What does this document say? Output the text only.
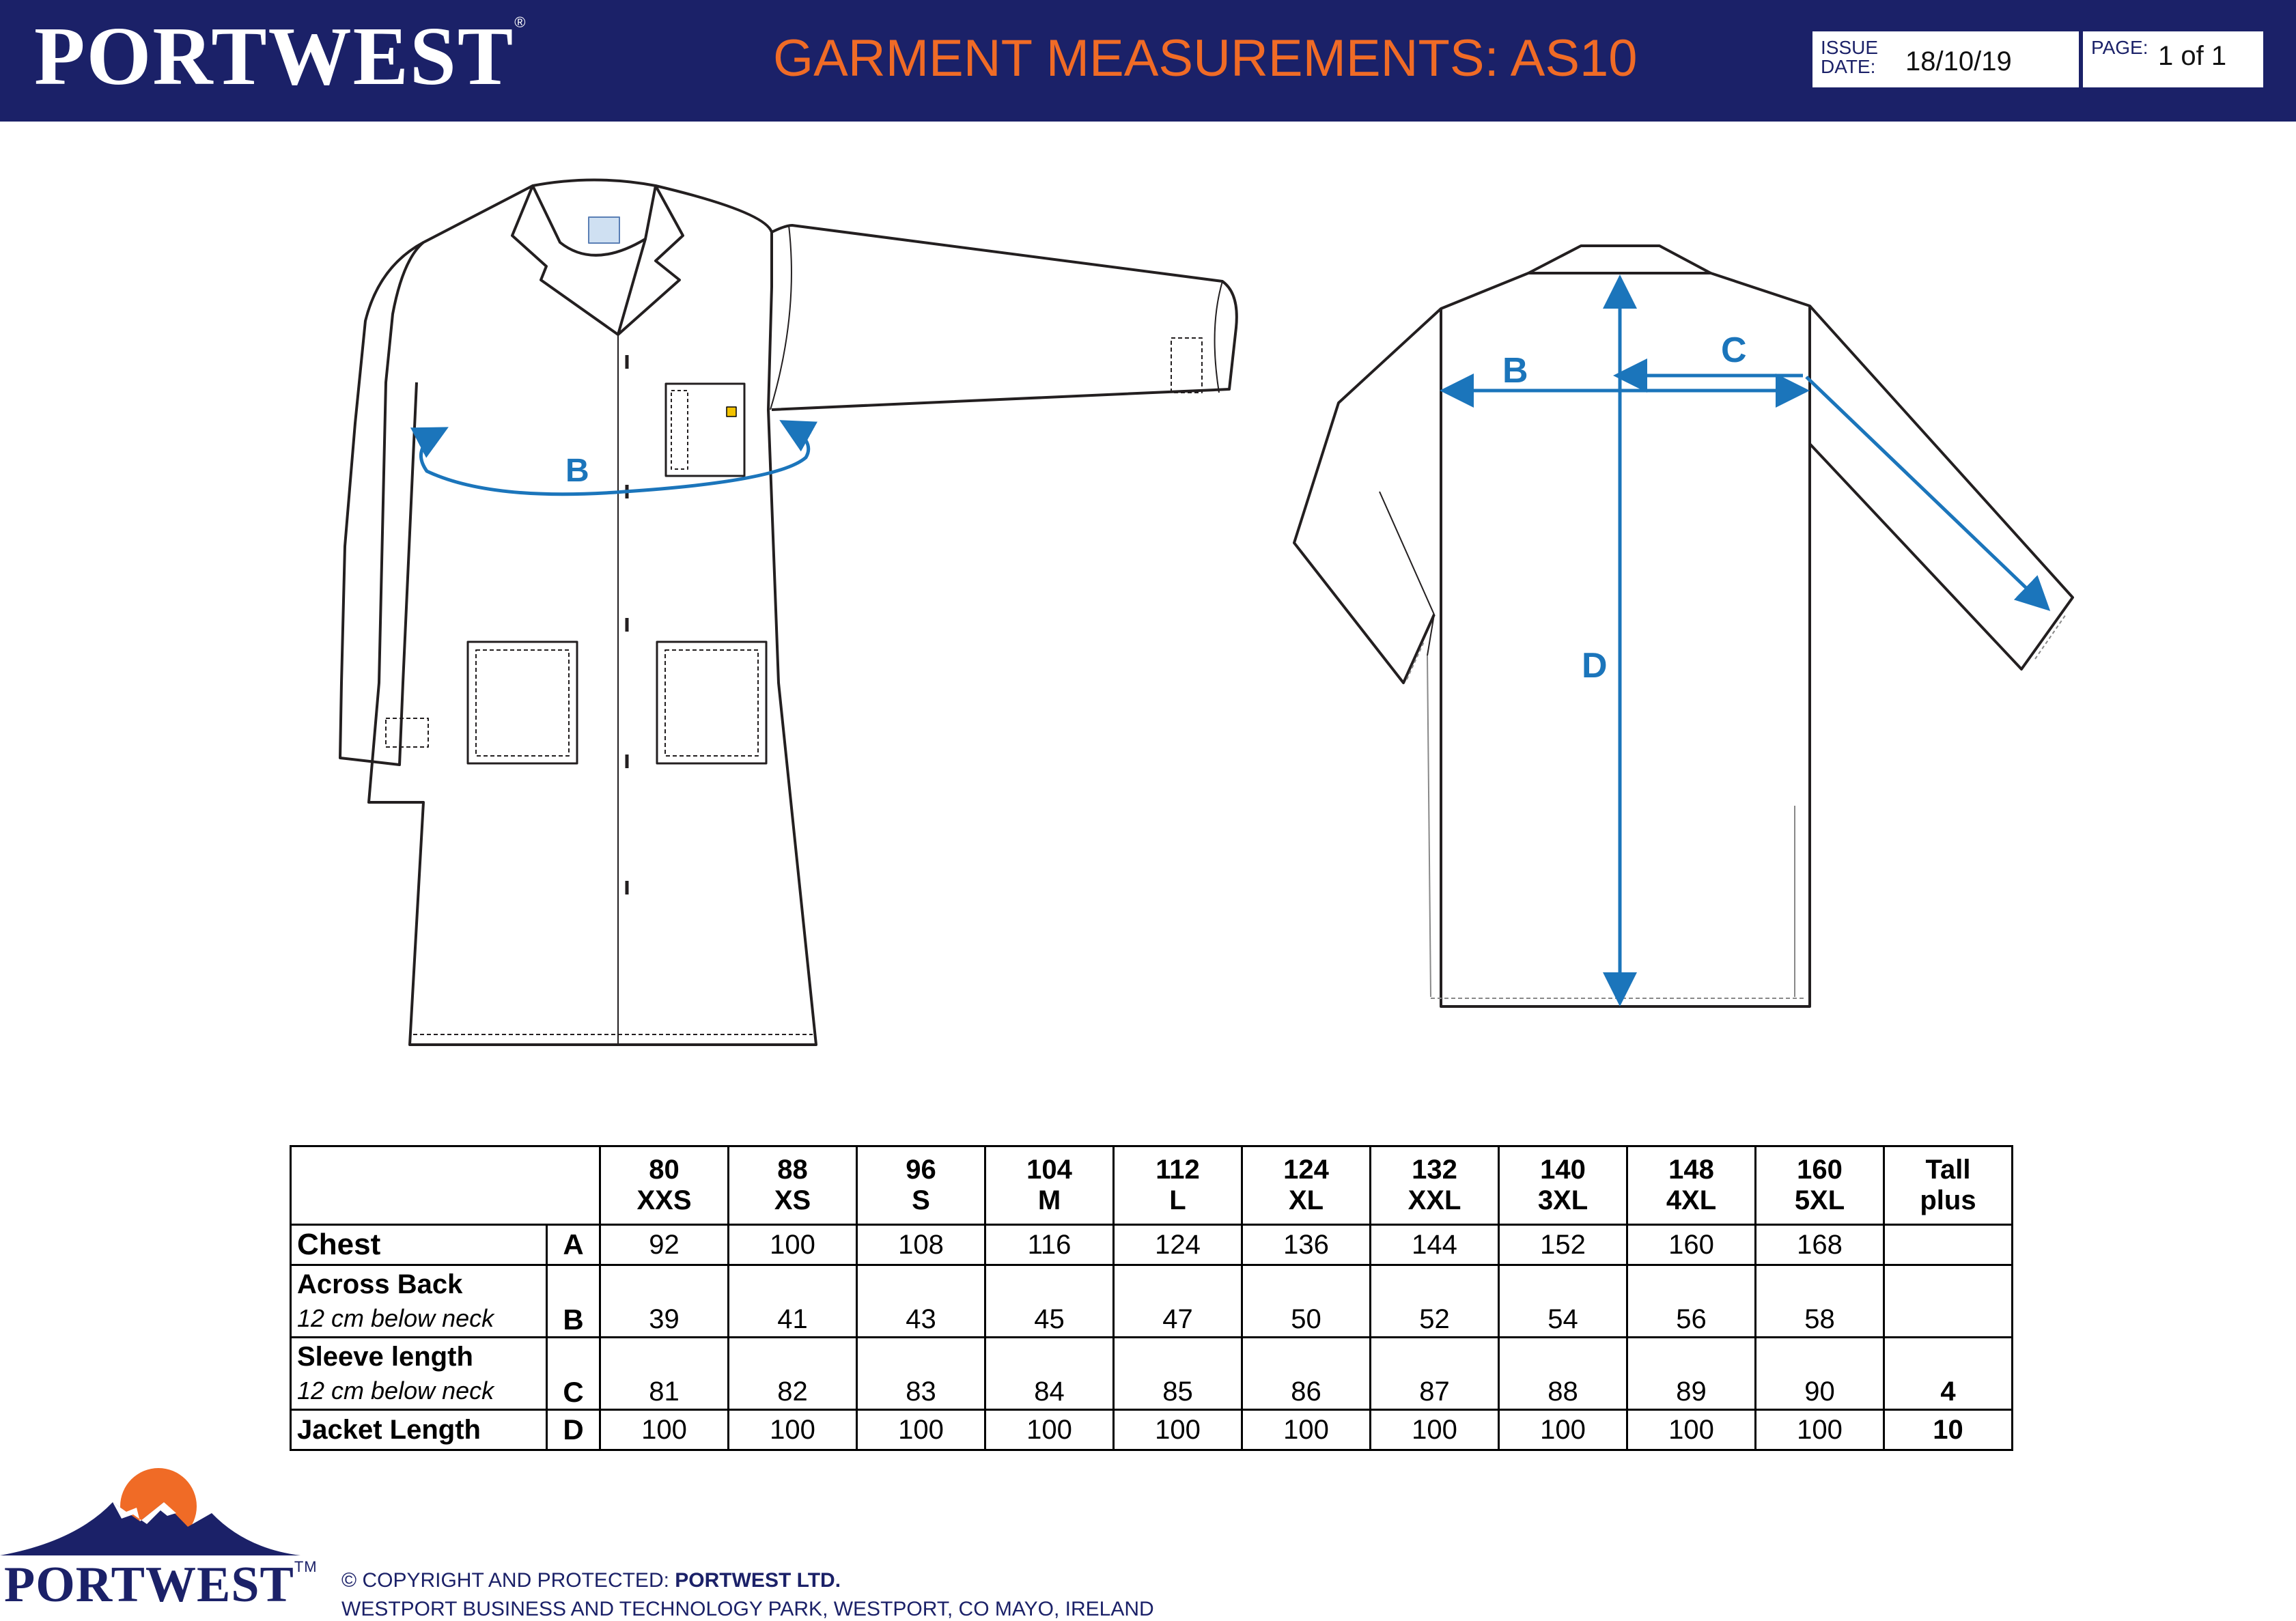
PORTWEST®
GARMENT MEASUREMENTS: AS10	ISSUE
DATE: 18/10/19	PAGE: 1 of 1
B
B
C
D
		80	88	96	104	112	124	132	140	148	160	Tall
		XXS	XS	S	M	L	XL	XXL	3XL	4XL	5XL	plus

Chest	A	92	100	108	116	124	136	144	152	160	168	

Across Back
12 cm below neck	B	39	41	43	45	47	50	52	54	56	58	

Sleeve length
12 cm below neck	C	81	82	83	84	85	86	87	88	89	90	4

Jacket Length	D	100	100	100	100	100	100	100	100	100	100	10
PORTWEST™
© COPYRIGHT AND PROTECTED: PORTWEST LTD.
WESTPORT BUSINESS AND TECHNOLOGY PARK, WESTPORT, CO MAYO, IRELAND
